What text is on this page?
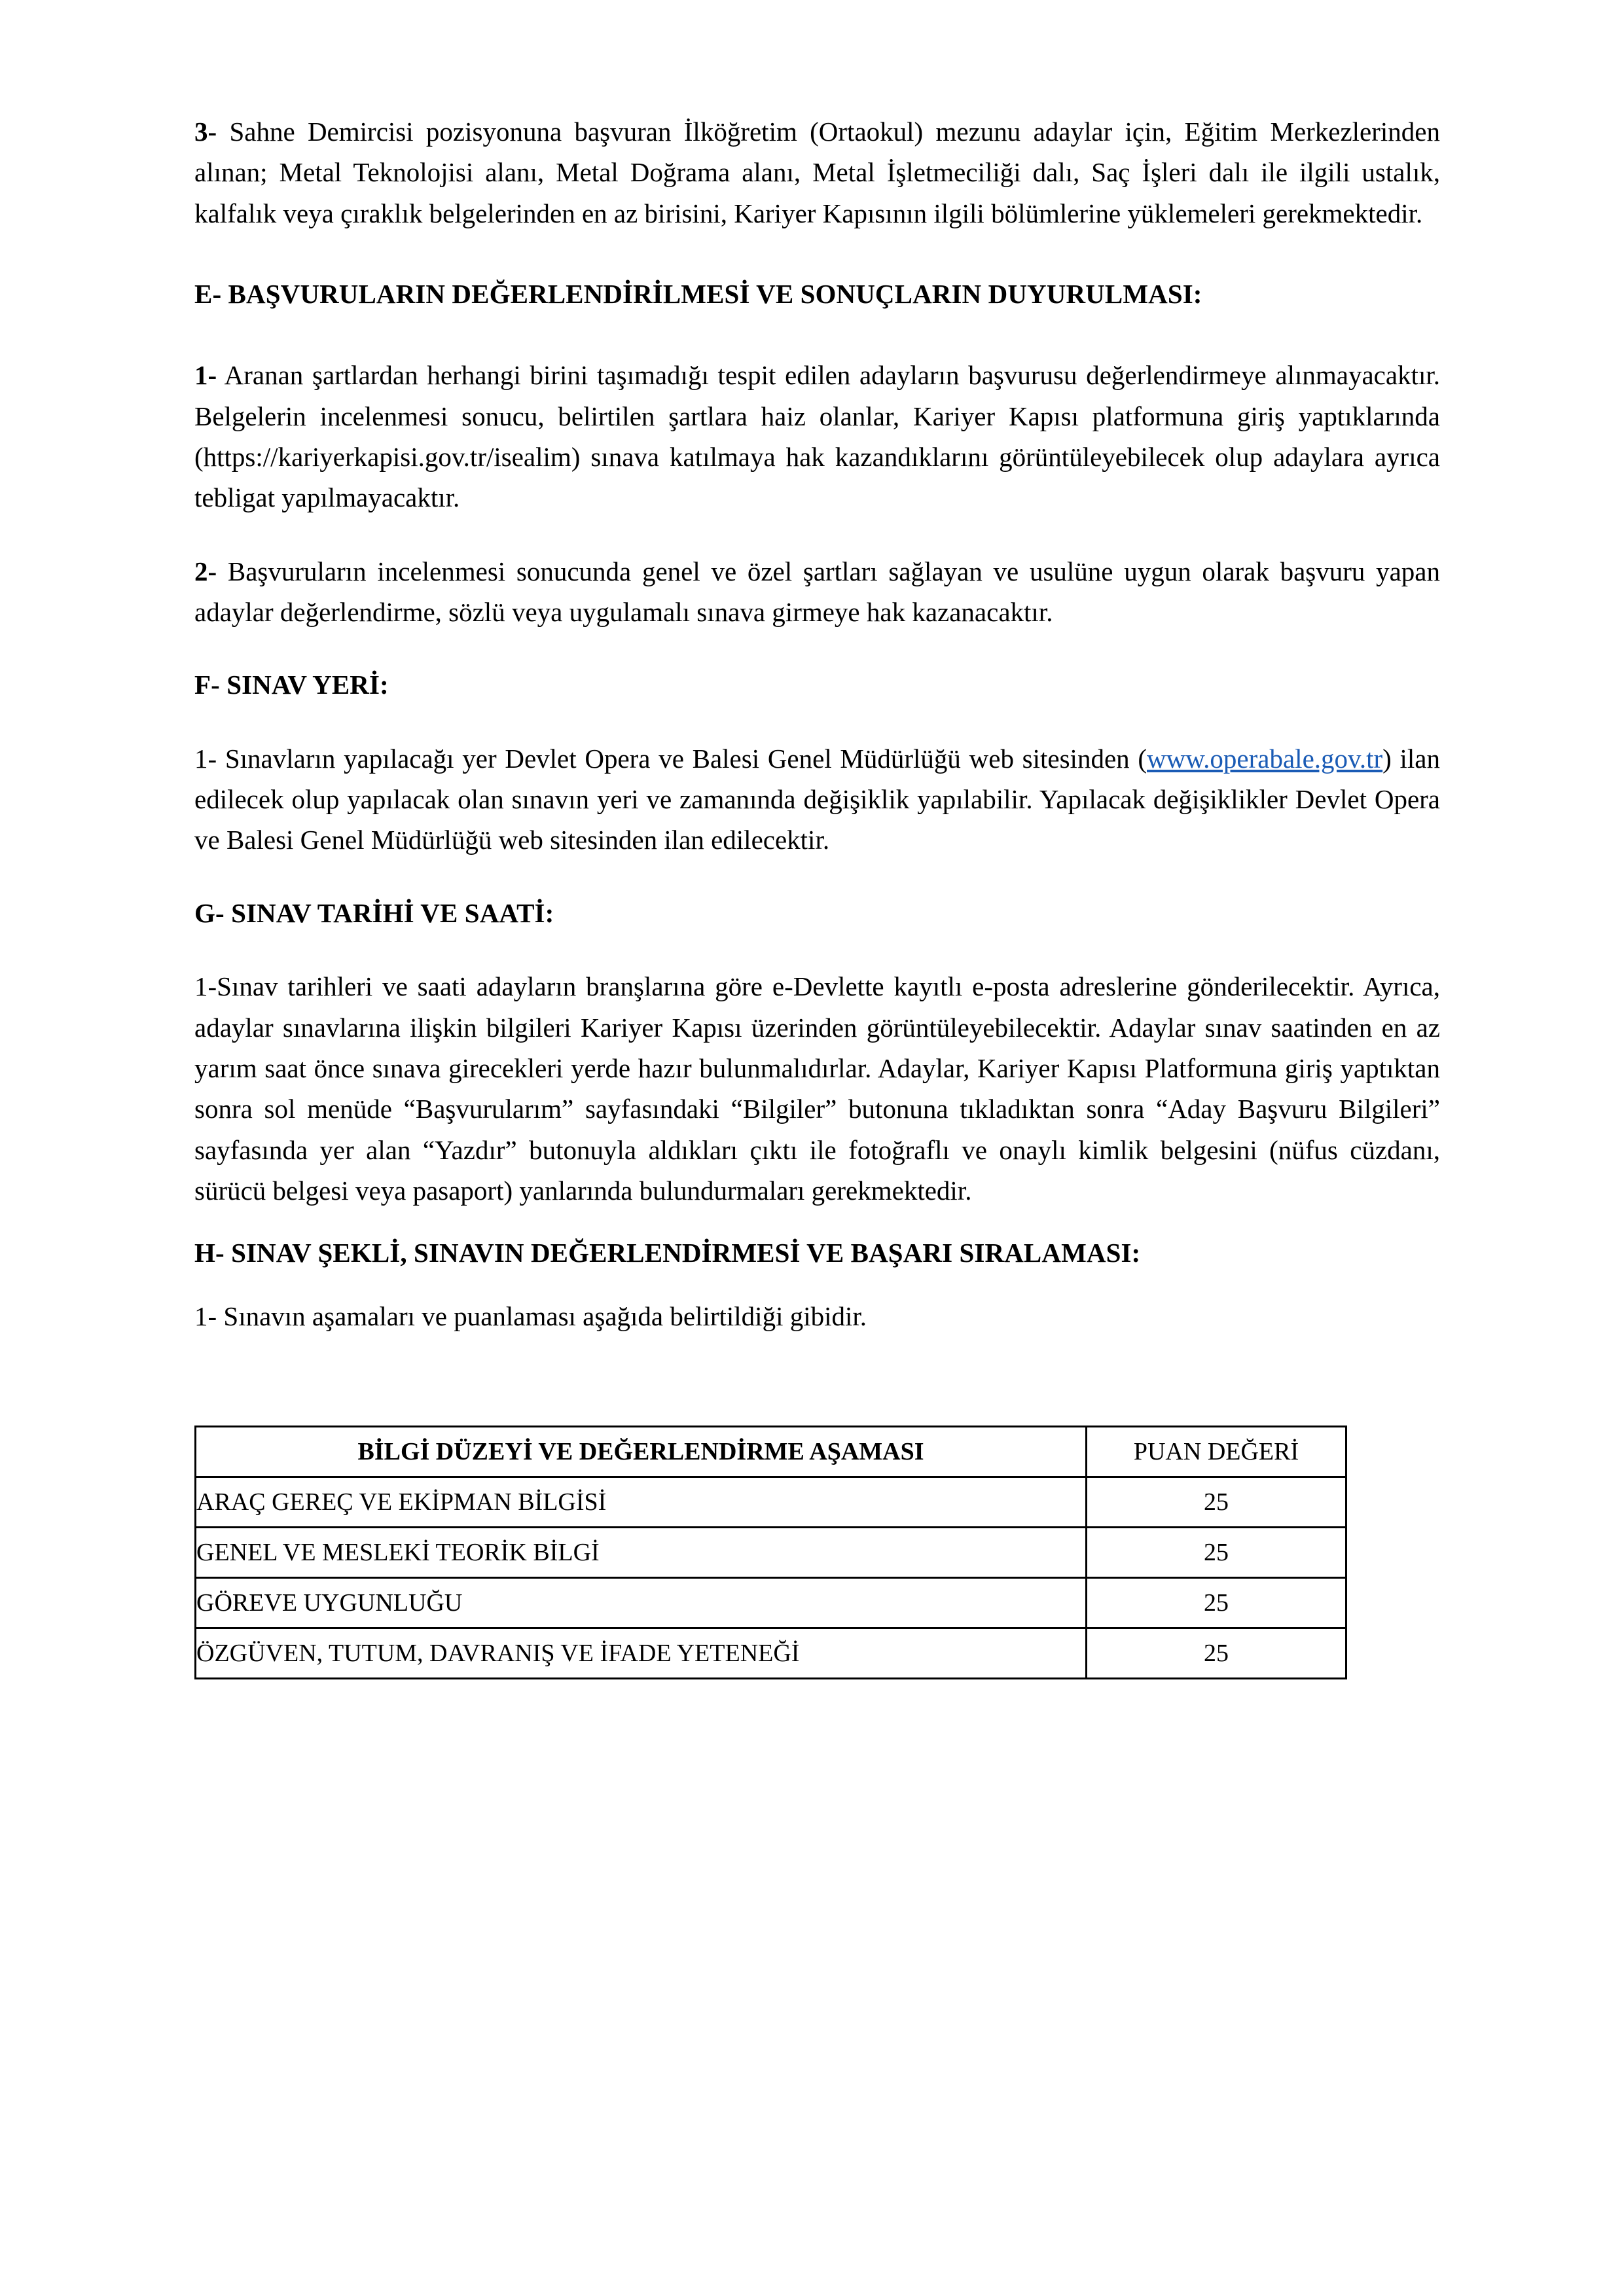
3- Sahne Demircisi pozisyonuna başvuran İlköğretim (Ortaokul) mezunu adaylar için, Eğitim Merkezlerinden alınan; Metal Teknolojisi alanı, Metal Doğrama alanı, Metal İşletmeciliği dalı, Saç İşleri dalı ile ilgili ustalık, kalfalık veya çıraklık belgelerinden en az birisini, Kariyer Kapısının ilgili bölümlerine yüklemeleri gerekmektedir.

E- BAŞVURULARIN DEĞERLENDİRİLMESİ VE SONUÇLARIN DUYURULMASI:

1- Aranan şartlardan herhangi birini taşımadığı tespit edilen adayların başvurusu değerlendirmeye alınmayacaktır. Belgelerin incelenmesi sonucu, belirtilen şartlara haiz olanlar, Kariyer Kapısı platformuna giriş yaptıklarında (https://kariyerkapisi.gov.tr/isealim) sınava katılmaya hak kazandıklarını görüntüleyebilecek olup adaylara ayrıca tebligat yapılmayacaktır.

2- Başvuruların incelenmesi sonucunda genel ve özel şartları sağlayan ve usulüne uygun olarak başvuru yapan adaylar değerlendirme, sözlü veya uygulamalı sınava girmeye hak kazanacaktır.

F- SINAV YERİ:

1- Sınavların yapılacağı yer Devlet Opera ve Balesi Genel Müdürlüğü web sitesinden (www.operabale.gov.tr) ilan edilecek olup yapılacak olan sınavın yeri ve zamanında değişiklik yapılabilir. Yapılacak değişiklikler Devlet Opera ve Balesi Genel Müdürlüğü web sitesinden ilan edilecektir.

G- SINAV TARİHİ VE SAATİ:

1-Sınav tarihleri ve saati adayların branşlarına göre e-Devlette kayıtlı e-posta adreslerine gönderilecektir. Ayrıca, adaylar sınavlarına ilişkin bilgileri Kariyer Kapısı üzerinden görüntüleyebilecektir. Adaylar sınav saatinden en az yarım saat önce sınava girecekleri yerde hazır bulunmalıdırlar. Adaylar, Kariyer Kapısı Platformuna giriş yaptıktan sonra sol menüde “Başvurularım” sayfasındaki “Bilgiler” butonuna tıkladıktan sonra “Aday Başvuru Bilgileri” sayfasında yer alan “Yazdır” butonuyla aldıkları çıktı ile fotoğraflı ve onaylı kimlik belgesini (nüfus cüzdanı, sürücü belgesi veya pasaport) yanlarında bulundurmaları gerekmektedir.

H- SINAV ŞEKLİ, SINAVIN DEĞERLENDİRMESİ VE BAŞARI SIRALAMASI:

1- Sınavın aşamaları ve puanlaması aşağıda belirtildiği gibidir.

BİLGİ DÜZEYİ VE DEĞERLENDİRME AŞAMASI	PUAN DEĞERİ
ARAÇ GEREÇ VE EKİPMAN BİLGİSİ	25
GENEL VE MESLEKİ TEORİK BİLGİ	25
GÖREVE UYGUNLUĞU	25
ÖZGÜVEN, TUTUM, DAVRANIŞ VE İFADE YETENEĞİ	25
